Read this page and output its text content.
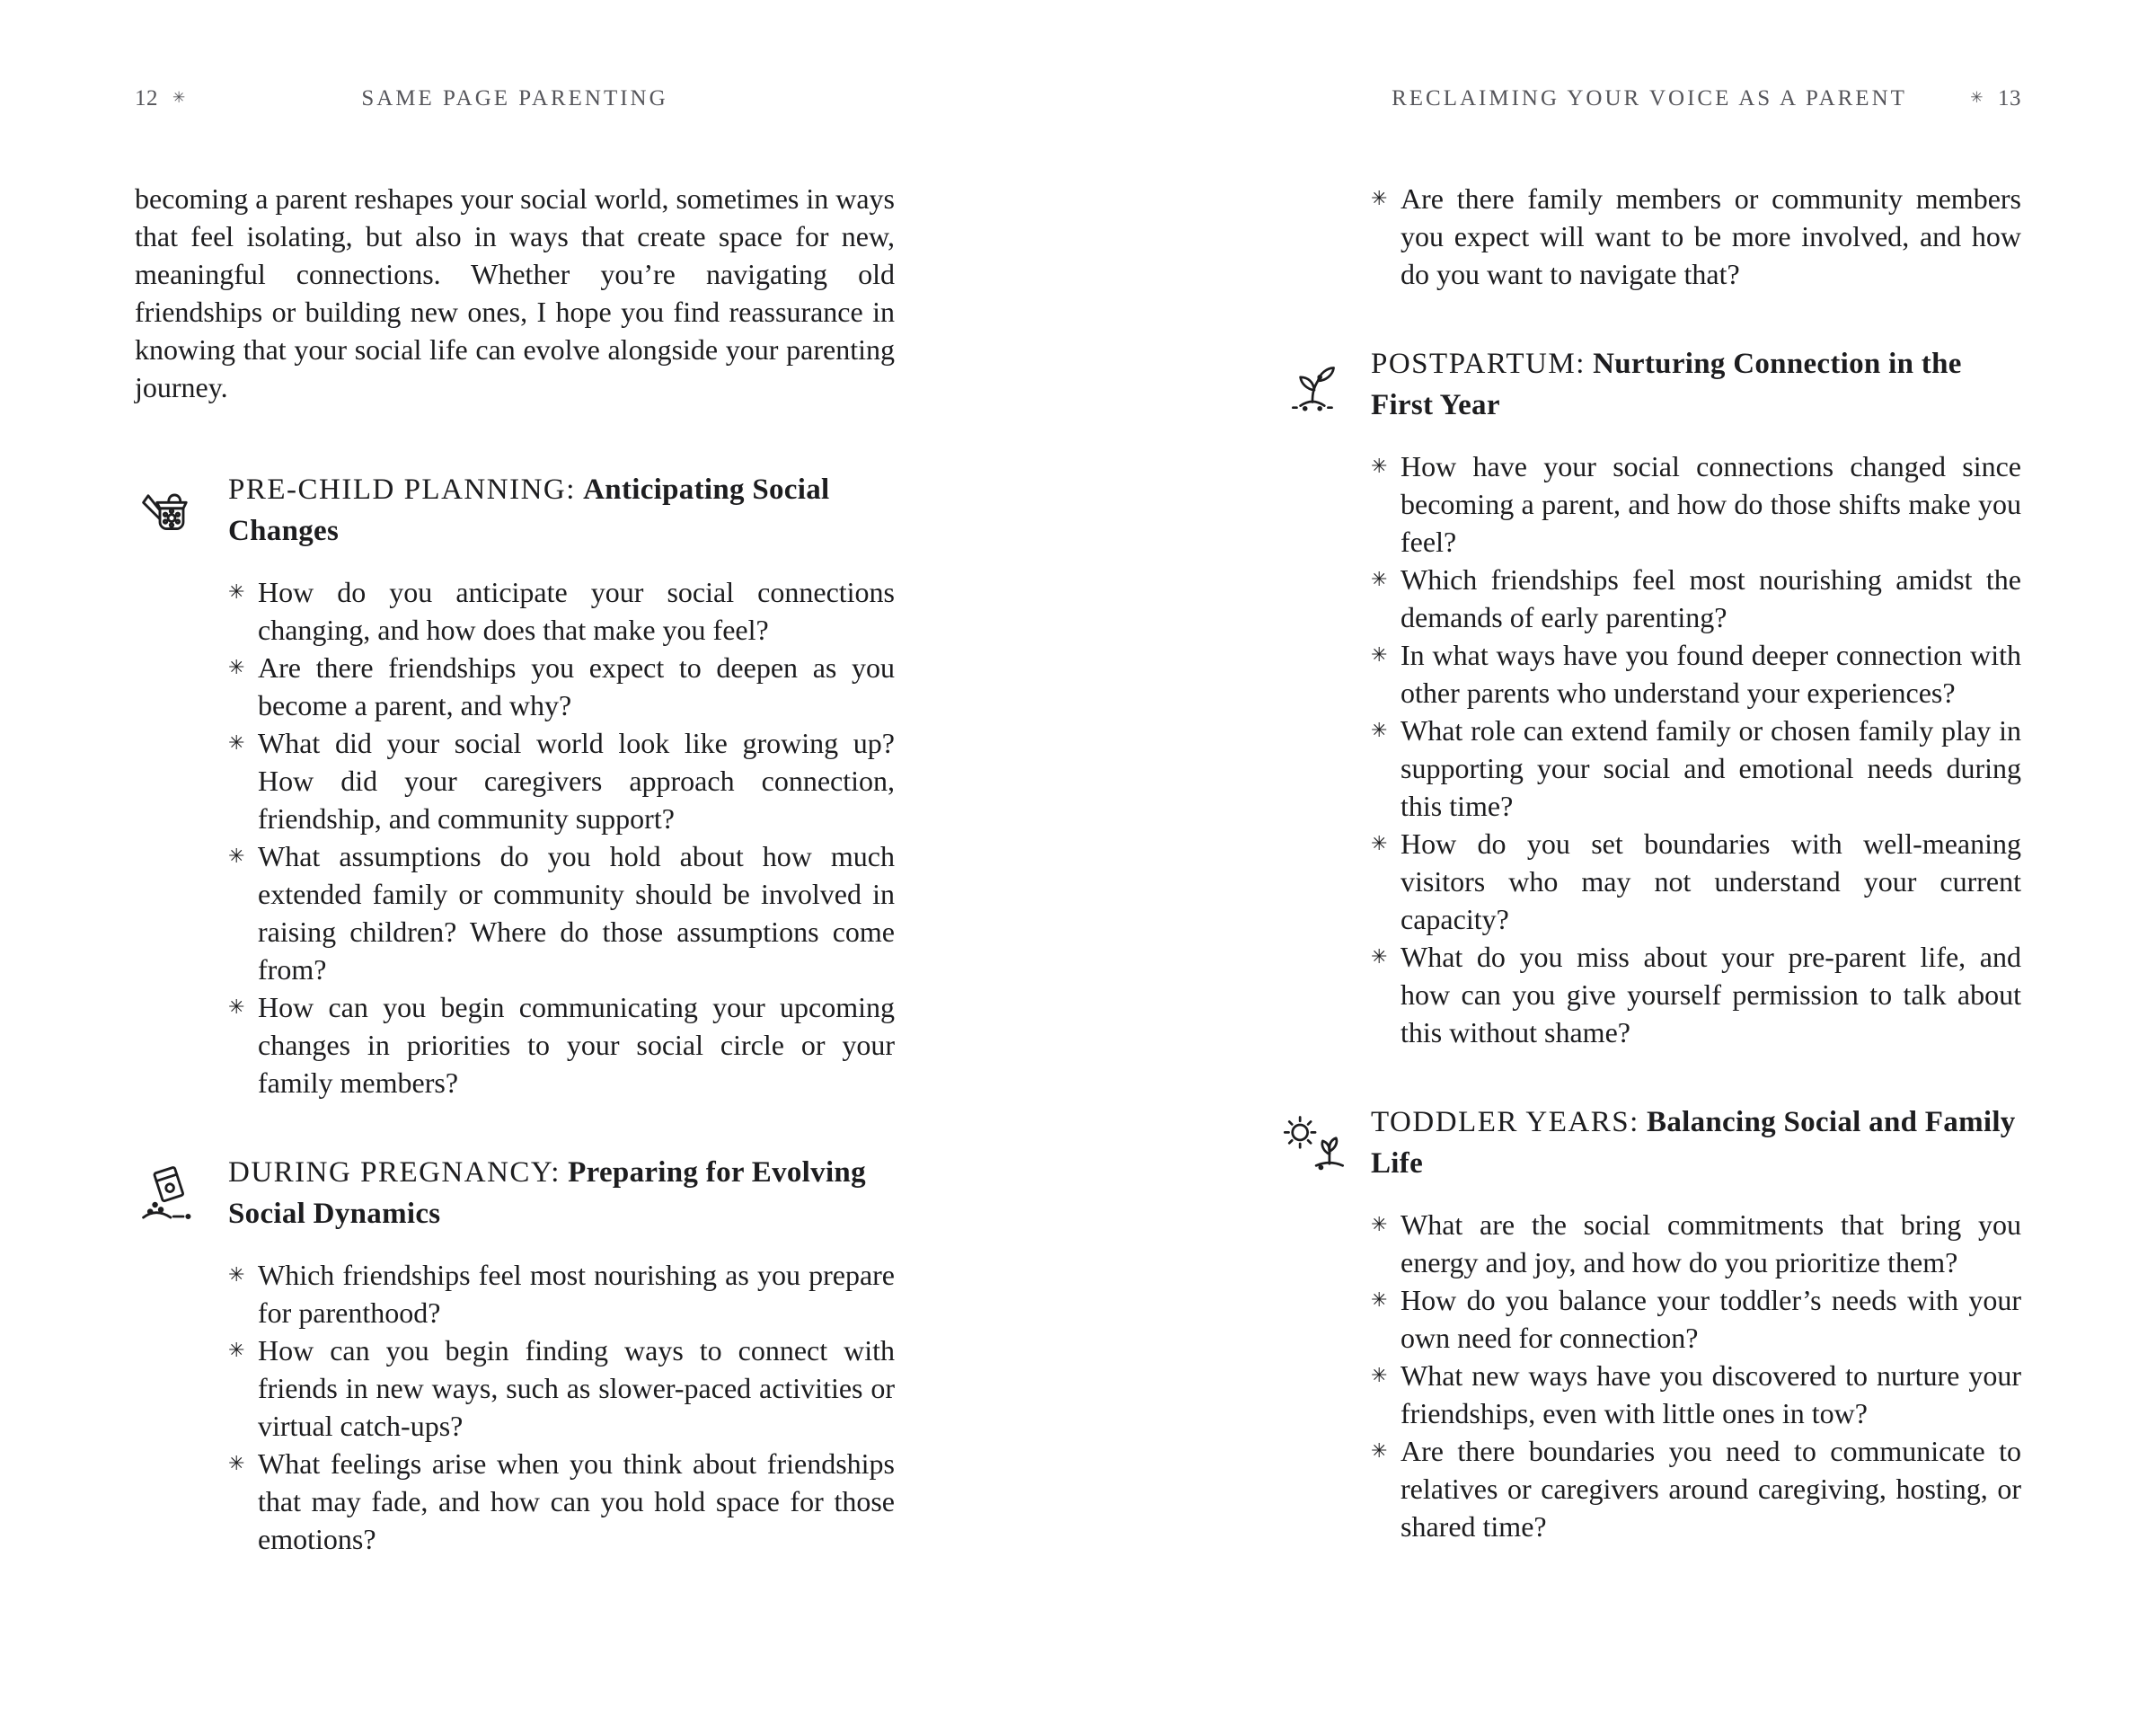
12 ✳	SAME PAGE PARENTING

becoming a parent reshapes your social world, sometimes in ways that feel isolating, but also in ways that create space for new, meaningful connections. Whether you’re navigating old friendships or building new ones, I hope you find reassurance in knowing that your social life can evolve alongside your parenting journey.

PRE-CHILD PLANNING: Anticipating Social Changes
✳ How do you anticipate your social connections changing, and how does that make you feel?
✳ Are there friendships you expect to deepen as you become a parent, and why?
✳ What did your social world look like growing up? How did your caregivers approach connection, friendship, and community support?
✳ What assumptions do you hold about how much extended family or community should be involved in raising children? Where do those assumptions come from?
✳ How can you begin communicating your upcoming changes in priorities to your social circle or your family members?
DURING PREGNANCY: Preparing for Evolving Social Dynamics
✳ Which friendships feel most nourishing as you prepare for parenthood?
✳ How can you begin finding ways to connect with friends in new ways, such as slower-paced activities or virtual catch-ups?
✳ What feelings arise when you think about friendships that may fade, and how can you hold space for those emotions?
RECLAIMING YOUR VOICE AS A PARENT	✳ 13
✳ Are there family members or community members you expect will want to be more involved, and how do you want to navigate that?
POSTPARTUM: Nurturing Connection in the First Year
✳ How have your social connections changed since becoming a parent, and how do those shifts make you feel?
✳ Which friendships feel most nourishing amidst the demands of early parenting?
✳ In what ways have you found deeper connection with other parents who understand your experiences?
✳ What role can extend family or chosen family play in supporting your social and emotional needs during this time?
✳ How do you set boundaries with well-meaning visitors who may not understand your current capacity?
✳ What do you miss about your pre-parent life, and how can you give yourself permission to talk about this without shame?
TODDLER YEARS: Balancing Social and Family Life
✳ What are the social commitments that bring you energy and joy, and how do you prioritize them?
✳ How do you balance your toddler’s needs with your own need for connection?
✳ What new ways have you discovered to nurture your friendships, even with little ones in tow?
✳ Are there boundaries you need to communicate to relatives or caregivers around caregiving, hosting, or shared time?
